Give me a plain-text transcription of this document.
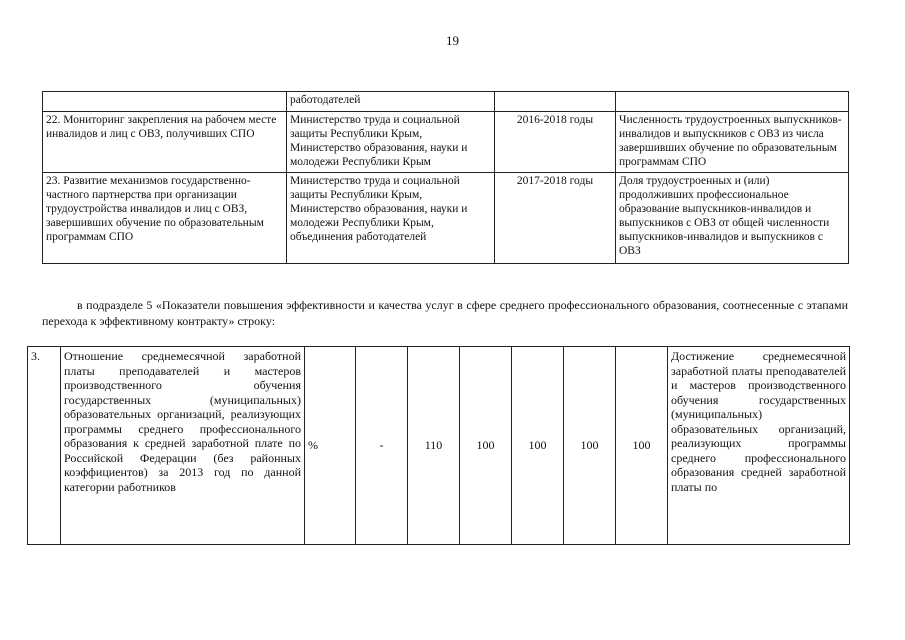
19
	работодателей		
22. Мониторинг закрепления на рабочем месте инвалидов и лиц с ОВЗ, получивших СПО	Министерство труда и социальной защиты Республики Крым, Министерство образования, науки и молодежи Республики Крым	2016-2018 годы	Численность трудоустроенных выпускников-инвалидов и выпускников с ОВЗ из числа завершивших обучение по образовательным программам СПО
23. Развитие механизмов государственно-частного партнерства при организации трудоустройства инвалидов и лиц с ОВЗ, завершивших обучение по образовательным программам СПО	Министерство труда и социальной защиты Республики Крым, Министерство образования, науки и молодежи Республики Крым, объединения работодателей	2017-2018 годы	Доля трудоустроенных и (или) продолживших профессиональное образование выпускников-инвалидов и выпускников с ОВЗ от общей численности выпускников-инвалидов и выпускников с ОВЗ
в подразделе 5 «Показатели повышения эффективности и качества услуг в сфере среднего профессионального образования, соотнесенные с этапами перехода к эффективному контракту» строку:
3.	Отношение среднемесячной заработной платы преподавателей и мастеров производственного обучения государственных (муниципальных) образовательных организаций, реализующих программы среднего профессионального образования к средней заработной плате по Российской Федерации (без районных коэффициентов) за 2013 год по данной категории работников	%	-	110	100	100	100	100	Достижение среднемесячной заработной платы преподавателей и мастеров производственного обучения государственных (муниципальных) образовательных организаций, реализующих программы среднего профессионального образования средней заработной платы по
